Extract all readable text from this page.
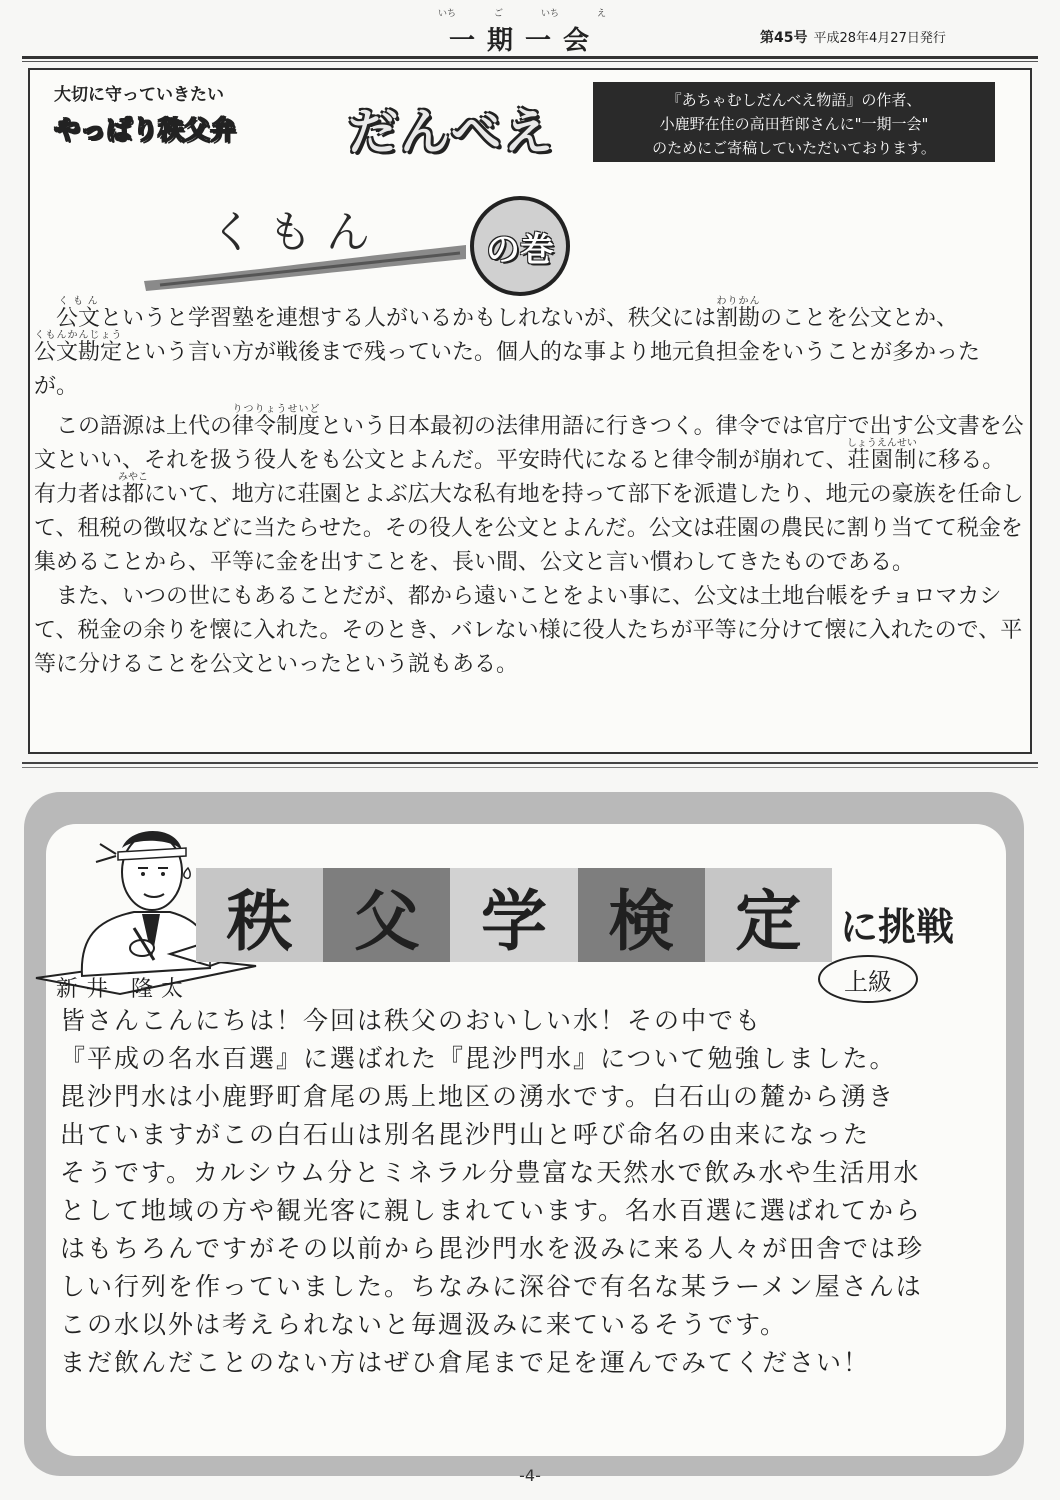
いち	ご	いち	え
一期一会	第45号 平成28年4月27日発行
大切に守っていきたい
やっぱり秩父弁 だんべえ
『あちゃむしだんべえ物語』の作者、
小鹿野在住の高田哲郎さんに"一期一会"
のためにご寄稿していただいております。
くもん	の巻

公文くもんというと学習塾を連想する人がいるかもしれないが、秩父には割勘わりかんのことを公文とか、公文勘定くもんかんじょうという言い方が戦後まで残っていた。個人的な事より地元負担金をいうことが多かったが。

この語源は上代の律令制度りつりょうせいどという日本最初の法律用語に行きつく。律令では官庁で出す公文書を公文といい、それを扱う役人をも公文とよんだ。平安時代になると律令制が崩れて、荘園制しょうえんせいに移る。有力者は都みやこにいて、地方に荘園とよぶ広大な私有地を持って部下を派遣したり、地元の豪族を任命して、租税の徴収などに当たらせた。その役人を公文とよんだ。公文は荘園の農民に割り当てて税金を集めることから、平等に金を出すことを、長い間、公文と言い慣わしてきたものである。

また、いつの世にもあることだが、都から遠いことをよい事に、公文は土地台帳をチョロマカシて、税金の余りを懐に入れた。そのとき、バレない様に役人たちが平等に分けて懐に入れたので、平等に分けることを公文といったという説もある。

秩 父 学 検 定	に挑戦
上級
新井 隆太

皆さんこんにちは！今回は秩父のおいしい水！その中でも

『平成の名水百選』に選ばれた『毘沙門水』について勉強しました。

毘沙門水は小鹿野町倉尾の馬上地区の湧水です。白石山の麓から湧き

出ていますがこの白石山は別名毘沙門山と呼び命名の由来になった

そうです。カルシウム分とミネラル分豊富な天然水で飲み水や生活用水

として地域の方や観光客に親しまれています。名水百選に選ばれてから

はもちろんですがその以前から毘沙門水を汲みに来る人々が田舎では珍

しい行列を作っていました。ちなみに深谷で有名な某ラーメン屋さんは

この水以外は考えられないと毎週汲みに来ているそうです。

まだ飲んだことのない方はぜひ倉尾まで足を運んでみてください！

-4-
